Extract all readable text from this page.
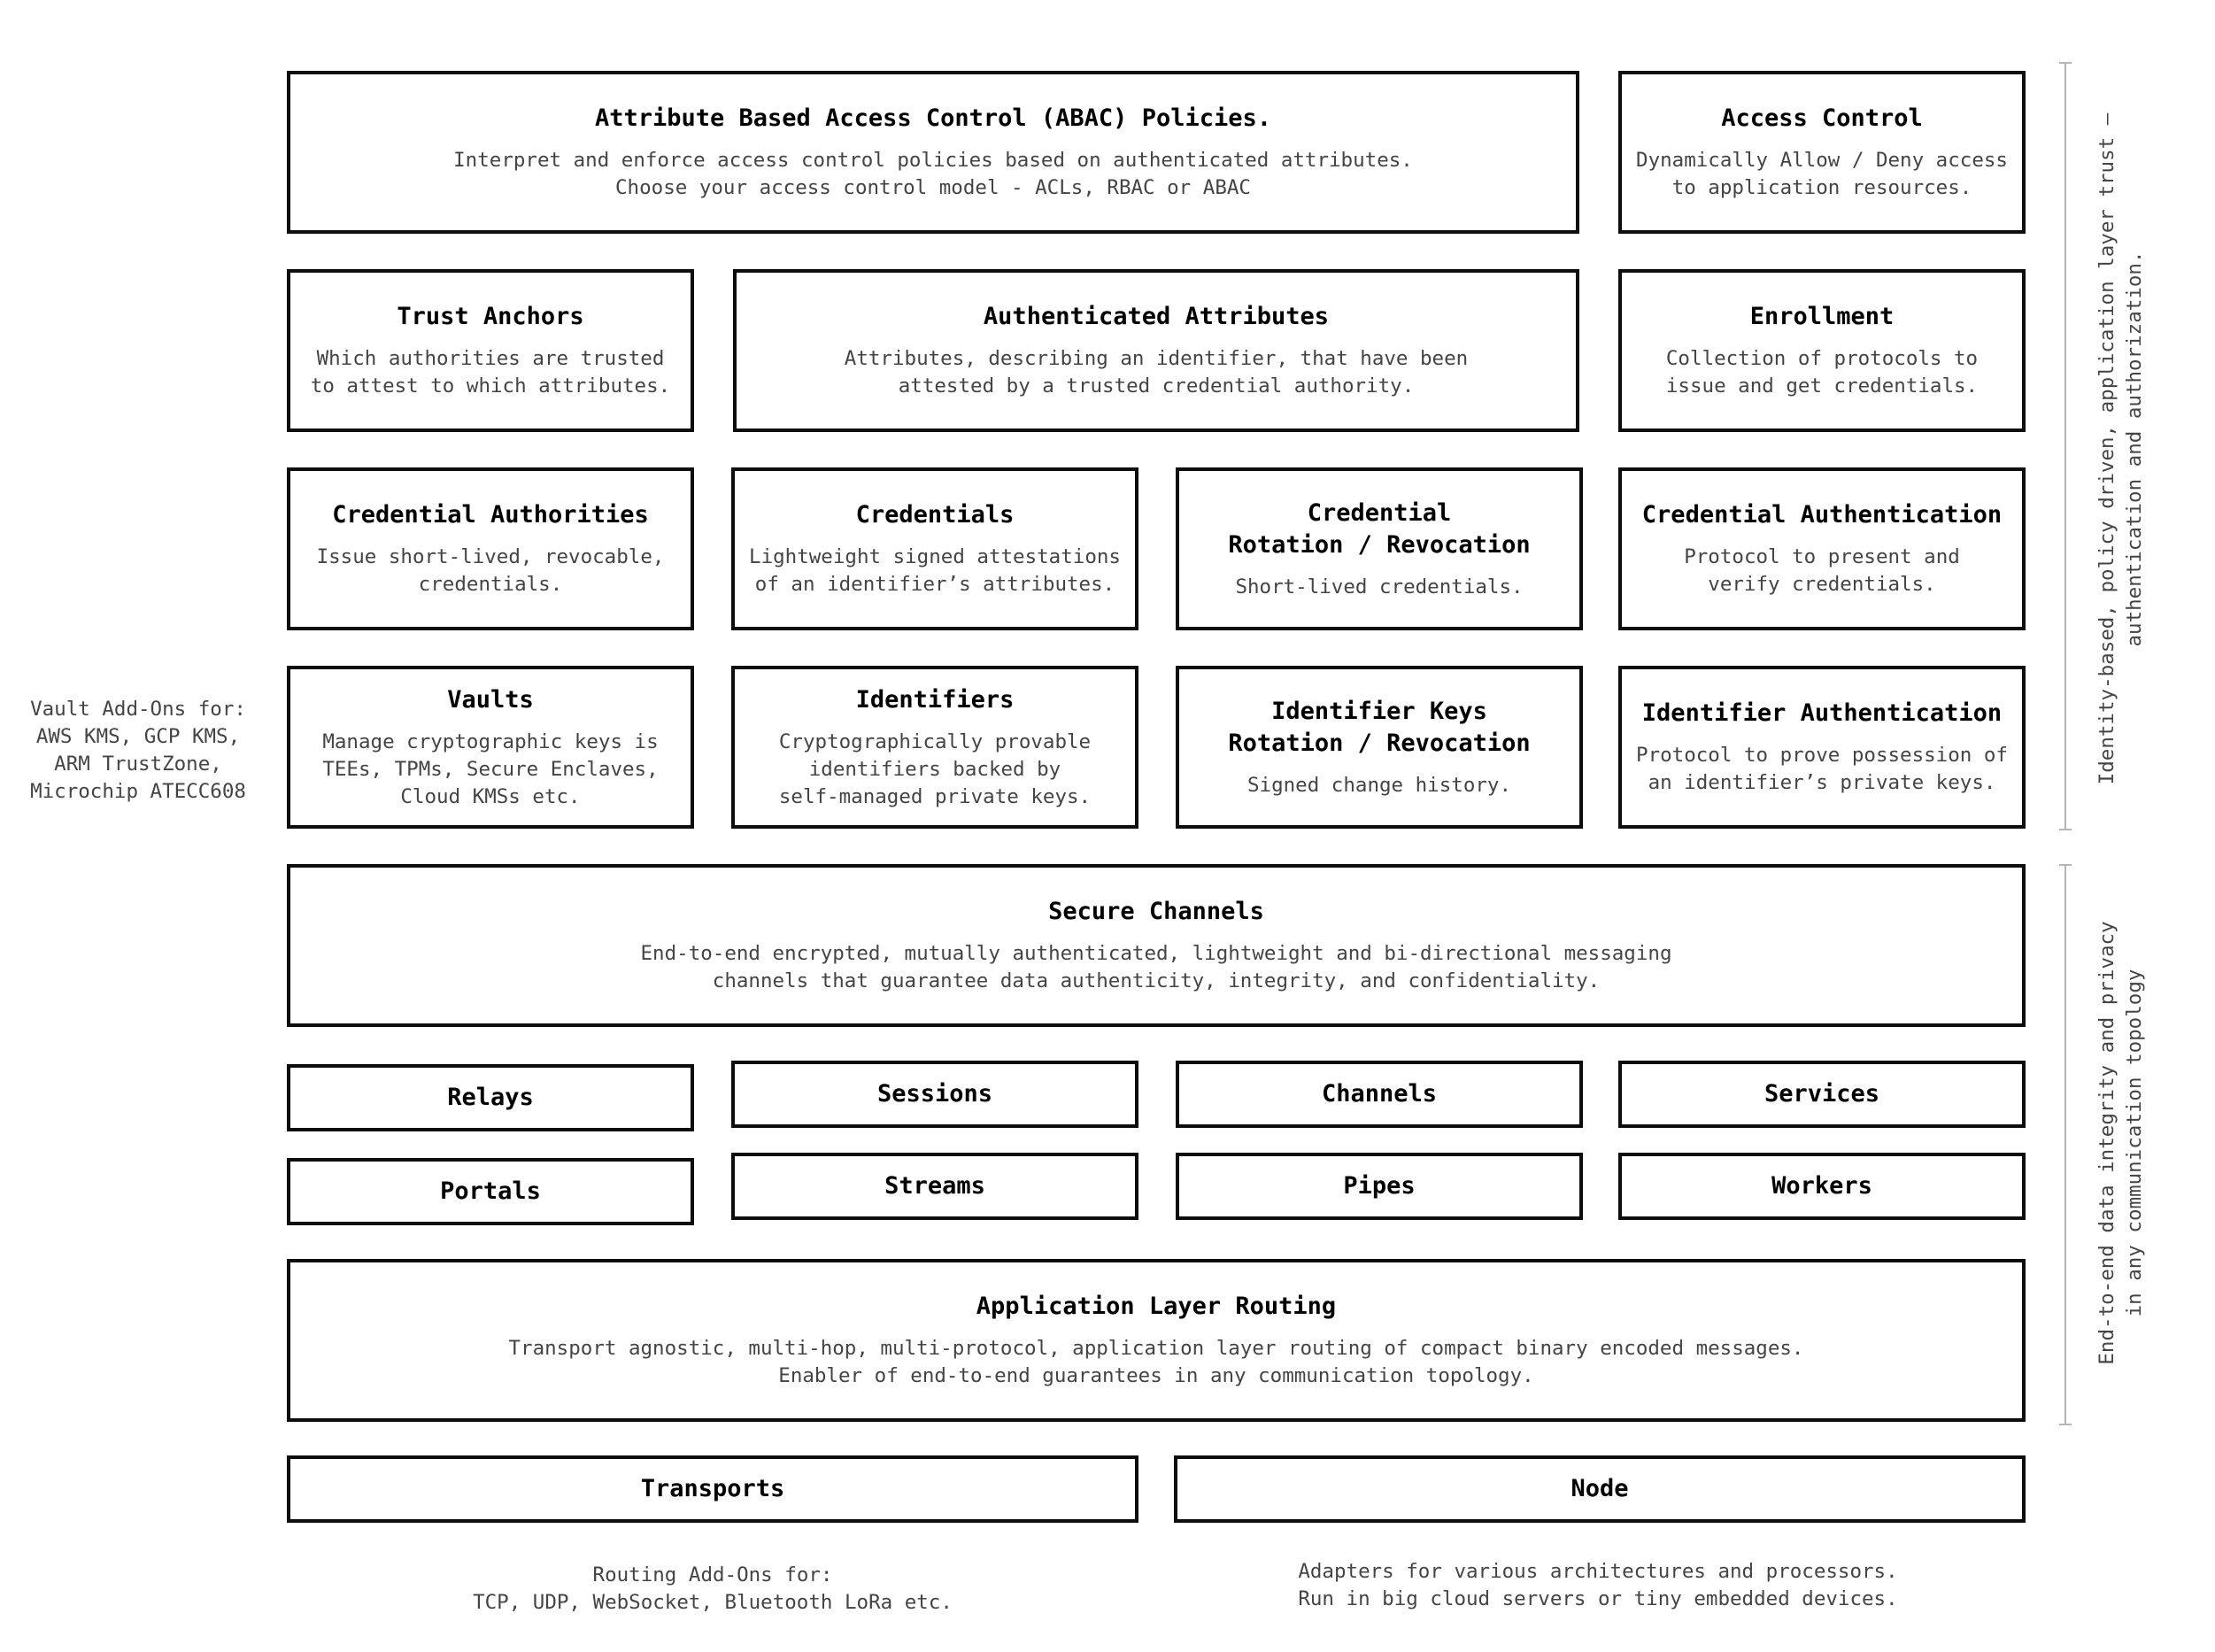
Attribute Based Access Control (ABAC) Policies.
Interpret and enforce access control policies based on authenticated attributes.
Choose your access control model - ACLs, RBAC or ABAC
Access Control
Dynamically Allow / Deny access
to application resources.
Trust Anchors
Which authorities are trusted
to attest to which attributes.
Authenticated Attributes
Attributes, describing an identifier, that have been
attested by a trusted credential authority.
Enrollment
Collection of protocols to
issue and get credentials.
Credential Authorities
Issue short-lived, revocable,
credentials.
Credentials
Lightweight signed attestations
of an identifier’s attributes.
Credential
Rotation / Revocation
Short-lived credentials.
Credential Authentication
Protocol to present and
verify credentials.
Vaults
Manage cryptographic keys is
TEEs, TPMs, Secure Enclaves,
Cloud KMSs etc.
Identifiers
Cryptographically provable
identifiers backed by
self-managed private keys.
Identifier Keys
Rotation / Revocation
Signed change history.
Identifier Authentication
Protocol to prove possession of
an identifier’s private keys.
Secure Channels
End-to-end encrypted, mutually authenticated, lightweight and bi-directional messaging
channels that guarantee data authenticity, integrity, and confidentiality.
Relays	Sessions	Channels	Services
Portals	Streams	Pipes	Workers
Application Layer Routing
Transport agnostic, multi-hop, multi-protocol, application layer routing of compact binary encoded messages.
Enabler of end-to-end guarantees in any communication topology.
Transports	Node
Vault Add-Ons for:
AWS KMS, GCP KMS,
ARM TrustZone,
Microchip ATECC608
Routing Add-Ons for:
TCP, UDP, WebSocket, Bluetooth LoRa etc.
Adapters for various architectures and processors.
Run in big cloud servers or tiny embedded devices.
Identity-based, policy driven, application layer trust –
authentication and authorization.
End-to-end data integrity and privacy
in any communication topology
